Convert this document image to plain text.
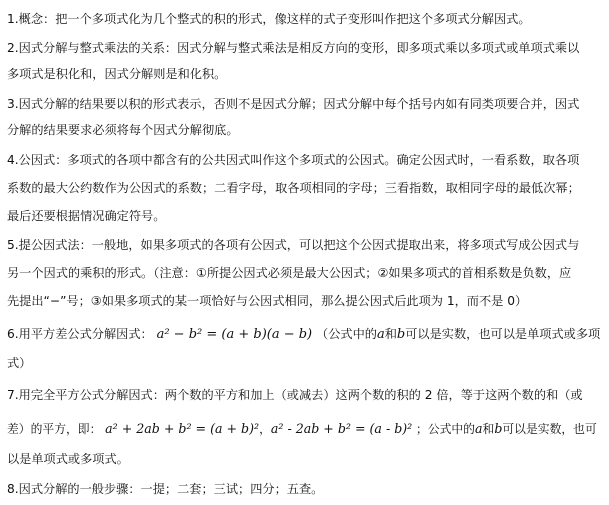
1.概念：把一个多项式化为几个整式的积的形式，像这样的式子变形叫作把这个多项式分解因式。
2.因式分解与整式乘法的关系：因式分解与整式乘法是相反方向的变形，即多项式乘以多项式或单项式乘以
多项式是积化和，因式分解则是和化积。
3.因式分解的结果要以积的形式表示，否则不是因式分解；因式分解中每个括号内如有同类项要合并，因式
分解的结果要求必须将每个因式分解彻底。
4.公因式：多项式的各项中都含有的公共因式叫作这个多项式的公因式。确定公因式时，一看系数，取各项
系数的最大公约数作为公因式的系数；二看字母，取各项相同的字母；三看指数，取相同字母的最低次幂；
最后还要根据情况确定符号。
5.提公因式法：一般地，如果多项式的各项有公因式，可以把这个公因式提取出来，将多项式写成公因式与
另一个因式的乘积的形式。（注意：①所提公因式必须是最大公因式；②如果多项式的首相系数是负数，应
先提出“−”号；③如果多项式的某一项恰好与公因式相同，那么提公因式后此项为 1，而不是 0）
6.用平方差公式分解因式： a² − b² = (a + b)(a − b) （公式中的a和b可以是实数，也可以是单项式或多项
式）
7.用完全平方公式分解因式：两个数的平方和加上（或减去）这两个数的积的 2 倍，等于这两个数的和（或
差）的平方，即： a² + 2ab + b² = (a + b)²，a² - 2ab + b² = (a - b)² ；公式中的a和b可以是实数，也可
以是单项式或多项式。
8.因式分解的一般步骤：一提；二套；三试；四分；五查。
